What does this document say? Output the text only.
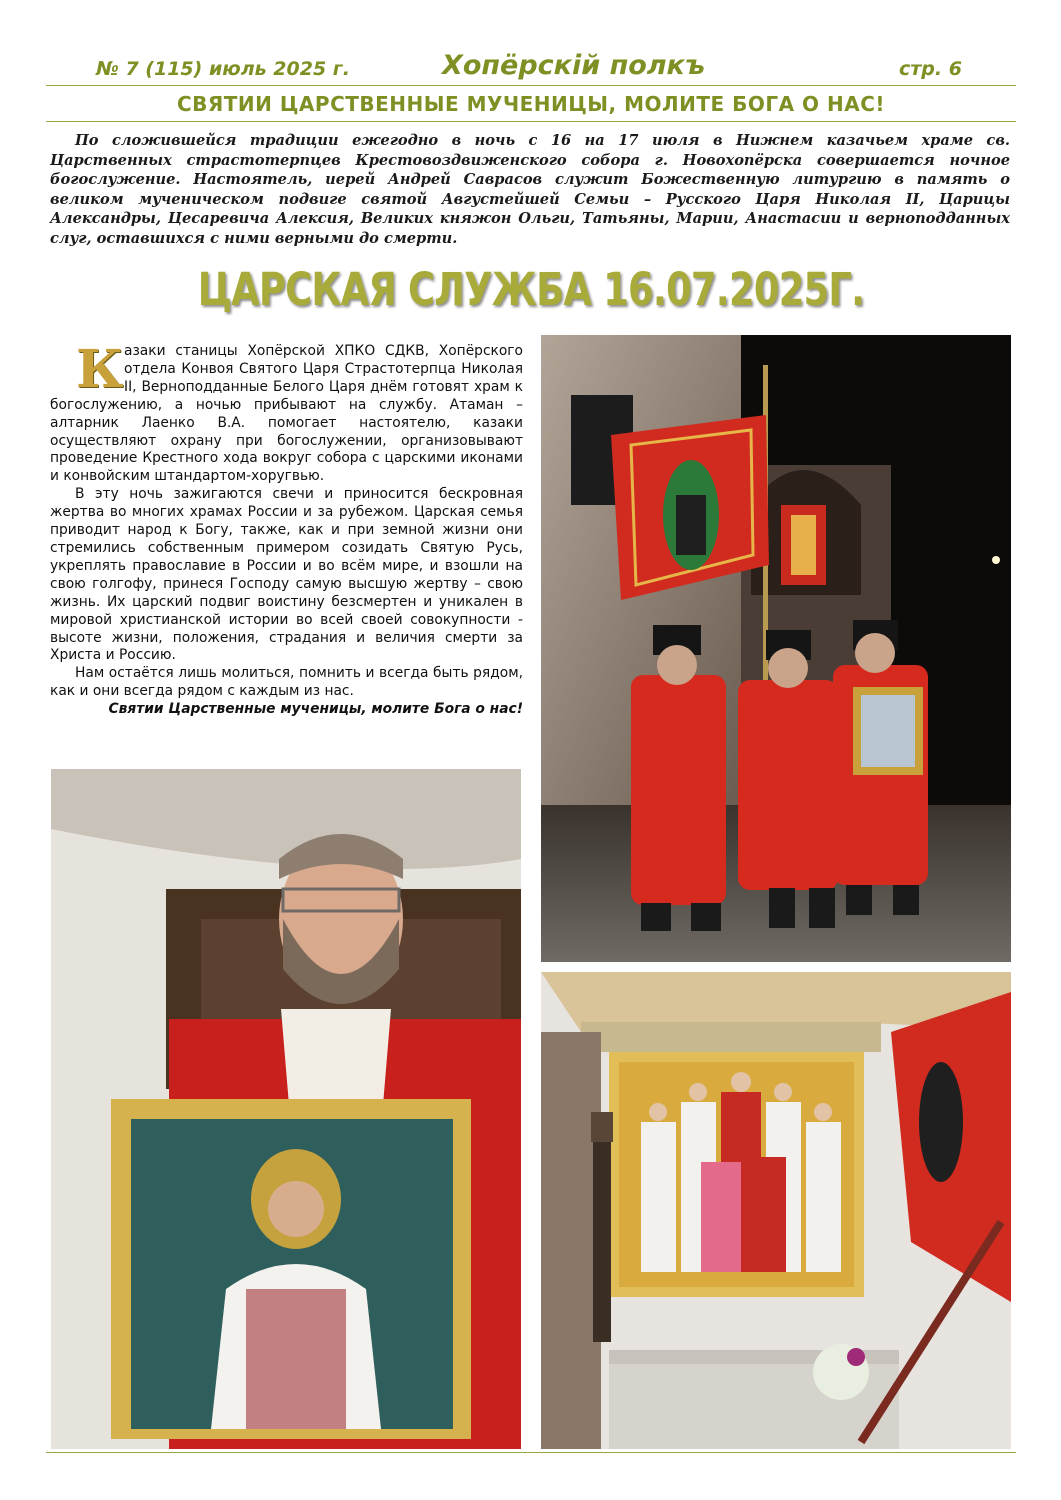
№ 7 (115) июль 2025 г.	Хопёрскiй полкъ	стр. 6
СВЯТИИ ЦАРСТВЕННЫЕ МУЧЕНИЦЫ, МОЛИТЕ БОГА О НАС!
По сложившейся традиции ежегодно в ночь с 16 на 17 июля в Нижнем казачьем храме св. Царственных страстотерпцев Крестовоздвиженского собора г. Новохопёрска совершается ночное богослужение. Настоятель, иерей Андрей Саврасов служит Божественную литургию в память о великом мученическом подвиге святой Августейшей Семьи – Русского Царя Николая II, Царицы Александры, Цесаревича Алексия, Великих княжон Ольги, Татьяны, Марии, Анастасии и верноподданных слуг, оставшихся с ними верными до смерти.
ЦАРСКАЯ СЛУЖБА 16.07.2025Г.

Казаки станицы Хопёрской ХПКО СДКВ, Хопёрского отдела Конвоя Святого Царя Страстотерпца Николая II, Верноподданные Белого Царя днём готовят храм к богослужению, а ночью прибывают на службу. Атаман – алтарник Лаенко В.А. помогает настоятелю, казаки осуществляют охрану при богослужении, организовывают проведение Крестного хода вокруг собора с царскими иконами и конвойским штандартом-хоругвью.

В эту ночь зажигаются свечи и приносится бескровная жертва во многих храмах России и за рубежом. Царская семья приводит народ к Богу, также, как и при земной жизни они стремились собственным примером созидать Святую Русь, укреплять православие в России и во всём мире, и взошли на свою голгофу, принеся Господу самую высшую жертву – свою жизнь. Их царский подвиг воистину безсмертен и уникален в мировой христианской истории во всей своей совокупности - высоте жизни, положения, страдания и величия смерти за Христа и Россию.

Нам остаётся лишь молиться, помнить и всегда быть рядом, как и они всегда рядом с каждым из нас.

Святии Царственные мученицы, молите Бога о нас!
